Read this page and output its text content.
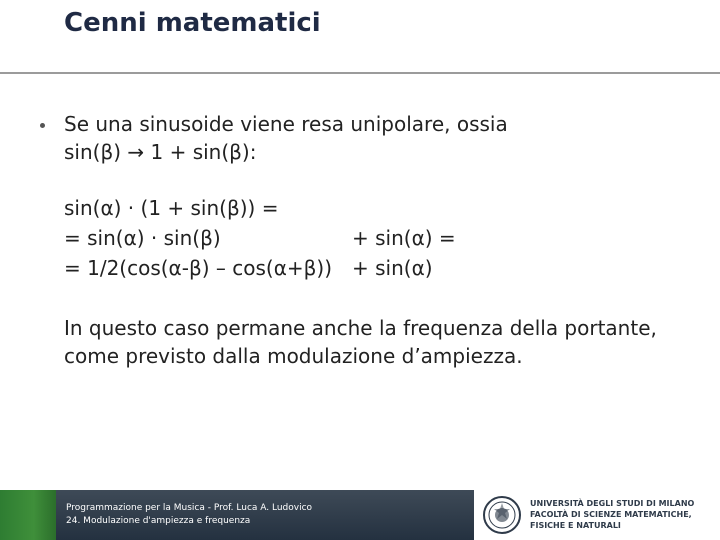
Cenni matematici
Se una sinusoide viene resa unipolare, ossia
sin(β) → 1 + sin(β):
sin(α) · (1 + sin(β)) =
= sin(α) · sin(β)	+ sin(α) =
= 1/2(cos(α-β) – cos(α+β)) + sin(α)
In questo caso permane anche la frequenza della portante,
come previsto dalla modulazione d’ampiezza.
Programmazione per la Musica - Prof. Luca A. Ludovico
24. Modulazione d'ampiezza e frequenza
UNIVERSITÀ DEGLI STUDI DI MILANO
FACOLTÀ DI SCIENZE MATEMATICHE,
FISICHE E NATURALI
